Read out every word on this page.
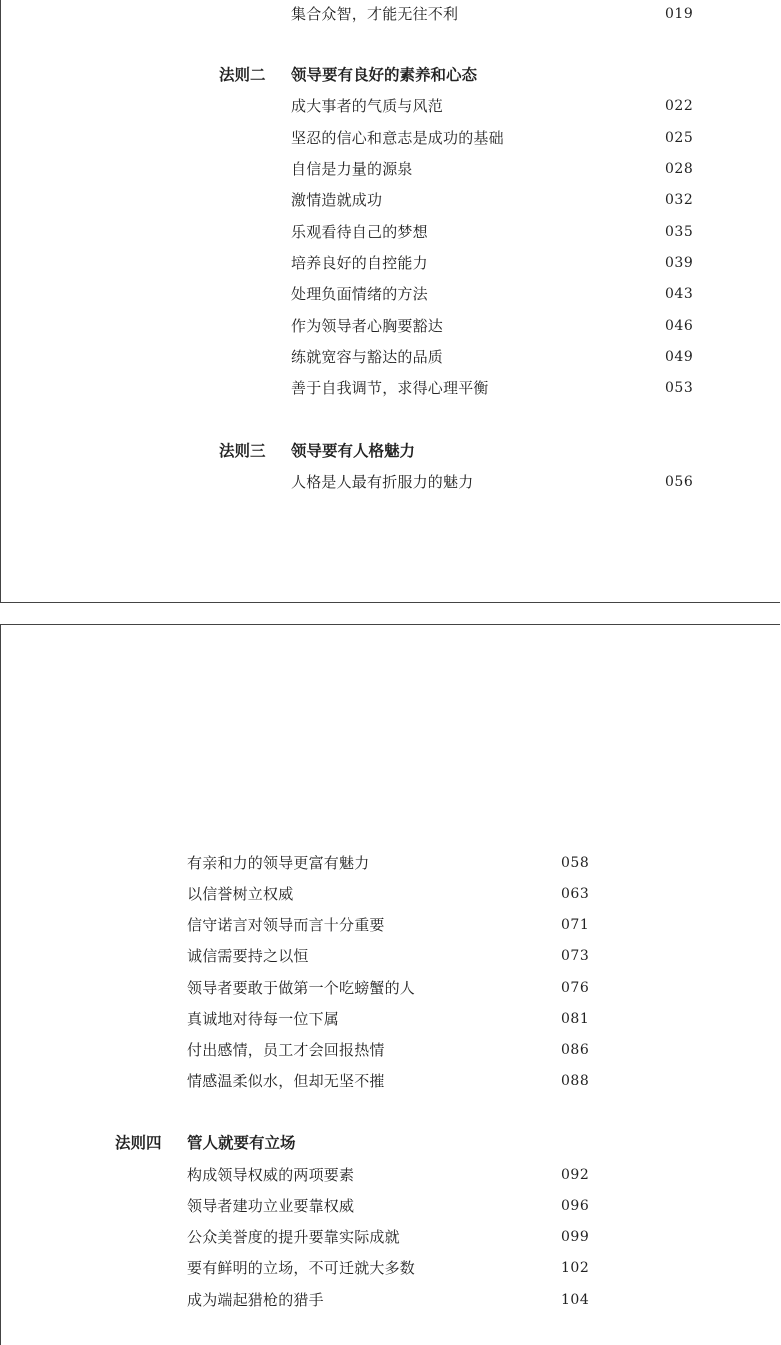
集合众智，才能无往不利	019
法则二 领导要有良好的素养和心态
成大事者的气质与风范	022
坚忍的信心和意志是成功的基础	025
自信是力量的源泉	028
激情造就成功	032
乐观看待自己的梦想	035
培养良好的自控能力	039
处理负面情绪的方法	043
作为领导者心胸要豁达	046
练就宽容与豁达的品质	049
善于自我调节，求得心理平衡	053
法则三 领导要有人格魅力
人格是人最有折服力的魅力	056
有亲和力的领导更富有魅力	058
以信誉树立权威	063
信守诺言对领导而言十分重要	071
诚信需要持之以恒	073
领导者要敢于做第一个吃螃蟹的人	076
真诚地对待每一位下属	081
付出感情，员工才会回报热情	086
情感温柔似水，但却无坚不摧	088
法则四 管人就要有立场
构成领导权威的两项要素	092
领导者建功立业要靠权威	096
公众美誉度的提升要靠实际成就	099
要有鲜明的立场，不可迁就大多数	102
成为端起猎枪的猎手	104
